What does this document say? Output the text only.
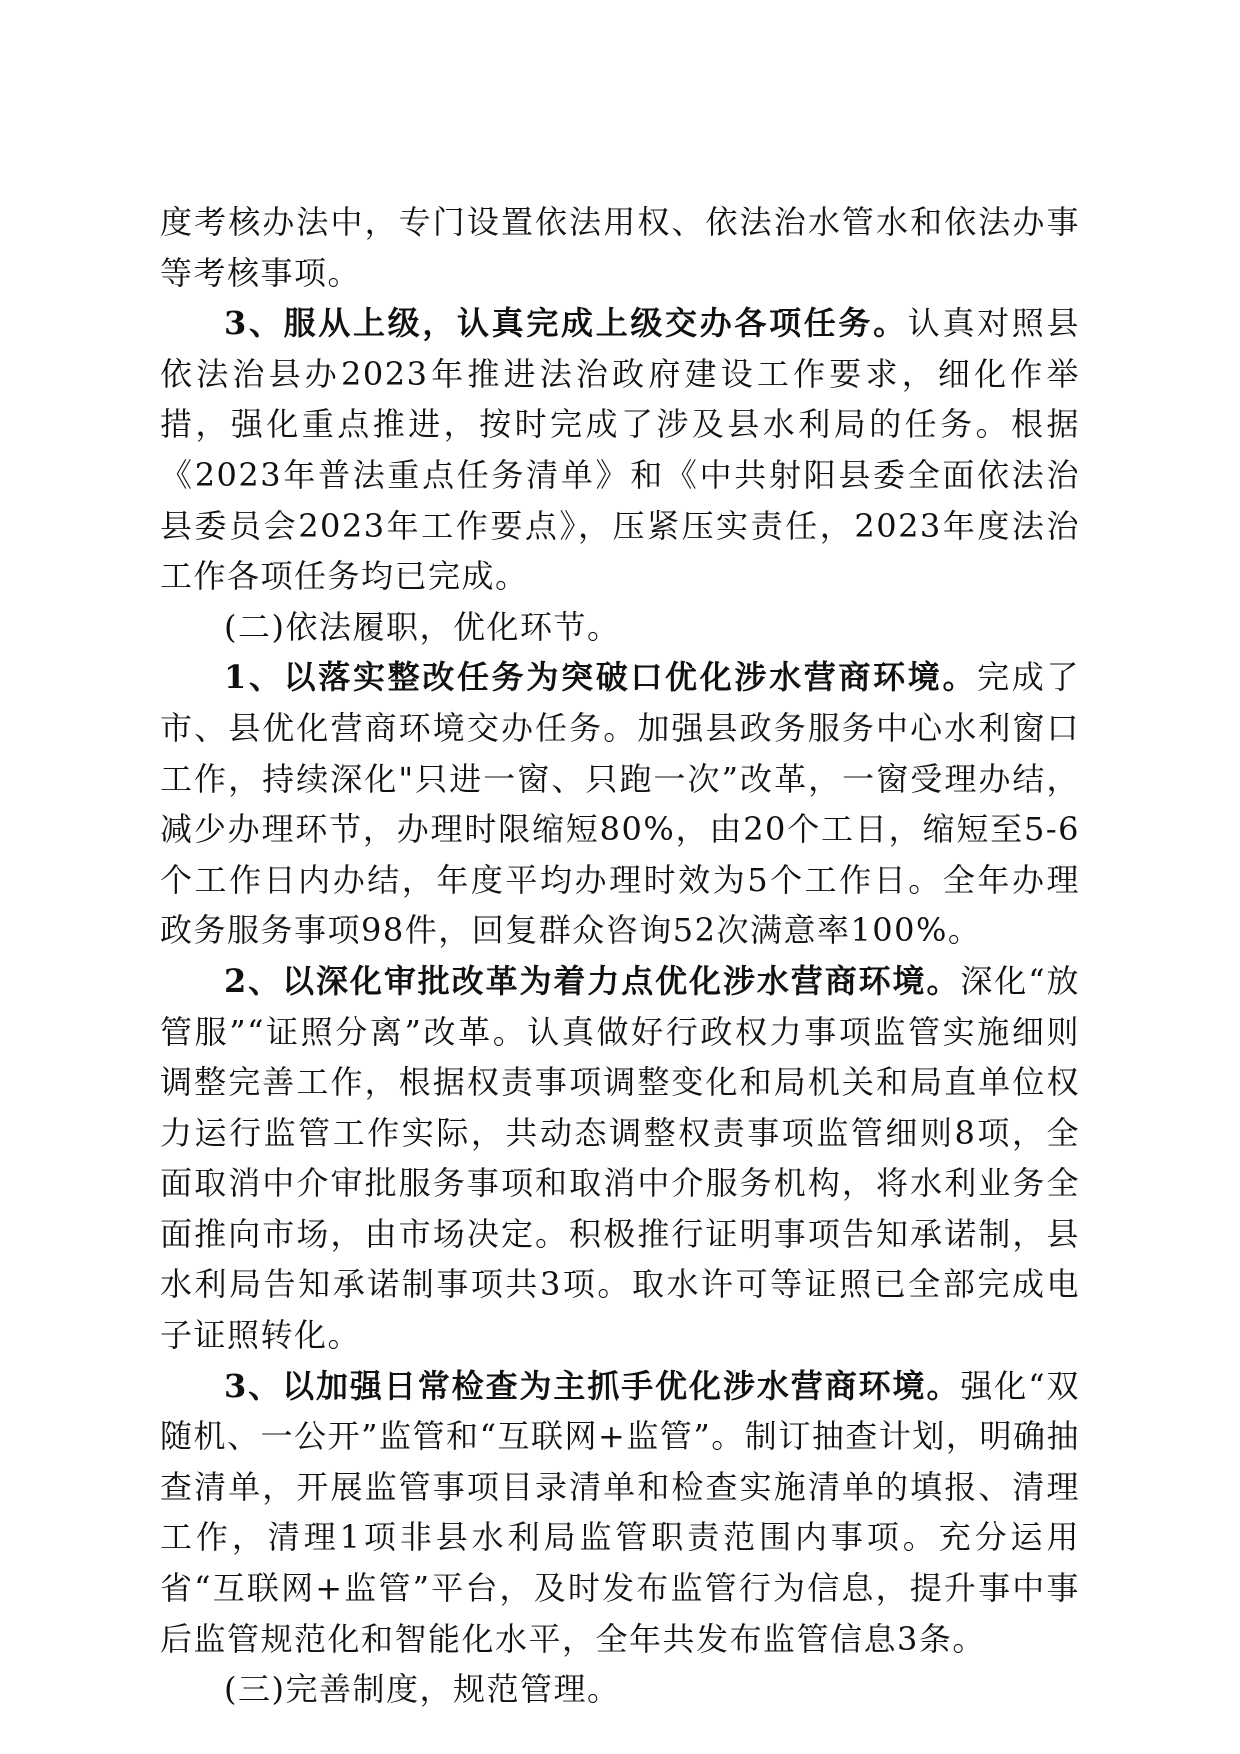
度考核办法中，专门设置依法用权、依法治水管水和依法办事等考核事项。

3、服从上级，认真完成上级交办各项任务。认真对照县依法治县办2023年推进法治政府建设工作要求，细化作举措，强化重点推进，按时完成了涉及县水利局的任务。根据《2023年普法重点任务清单》和《中共射阳县委全面依法治县委员会2023年工作要点》，压紧压实责任，2023年度法治工作各项任务均已完成。

(二)依法履职，优化环节。

1、以落实整改任务为突破口优化涉水营商环境。完成了市、县优化营商环境交办任务。加强县政务服务中心水利窗口工作，持续深化"只进一窗、只跑一次”改革，一窗受理办结，减少办理环节，办理时限缩短80%，由20个工日，缩短至5-6个工作日内办结，年度平均办理时效为5个工作日。全年办理政务服务事项98件，回复群众咨询52次满意率100%。

2、以深化审批改革为着力点优化涉水营商环境。深化“放管服”“证照分离”改革。认真做好行政权力事项监管实施细则调整完善工作，根据权责事项调整变化和局机关和局直单位权力运行监管工作实际，共动态调整权责事项监管细则8项，全面取消中介审批服务事项和取消中介服务机构，将水利业务全面推向市场，由市场决定。积极推行证明事项告知承诺制，县水利局告知承诺制事项共3项。取水许可等证照已全部完成电子证照转化。

3、以加强日常检查为主抓手优化涉水营商环境。强化“双随机、一公开”监管和“互联网+监管”。制订抽查计划，明确抽查清单，开展监管事项目录清单和检查实施清单的填报、清理工作，清理1项非县水利局监管职责范围内事项。充分运用省“互联网+监管”平台，及时发布监管行为信息，提升事中事后监管规范化和智能化水平，全年共发布监管信息3条。

(三)完善制度，规范管理。
